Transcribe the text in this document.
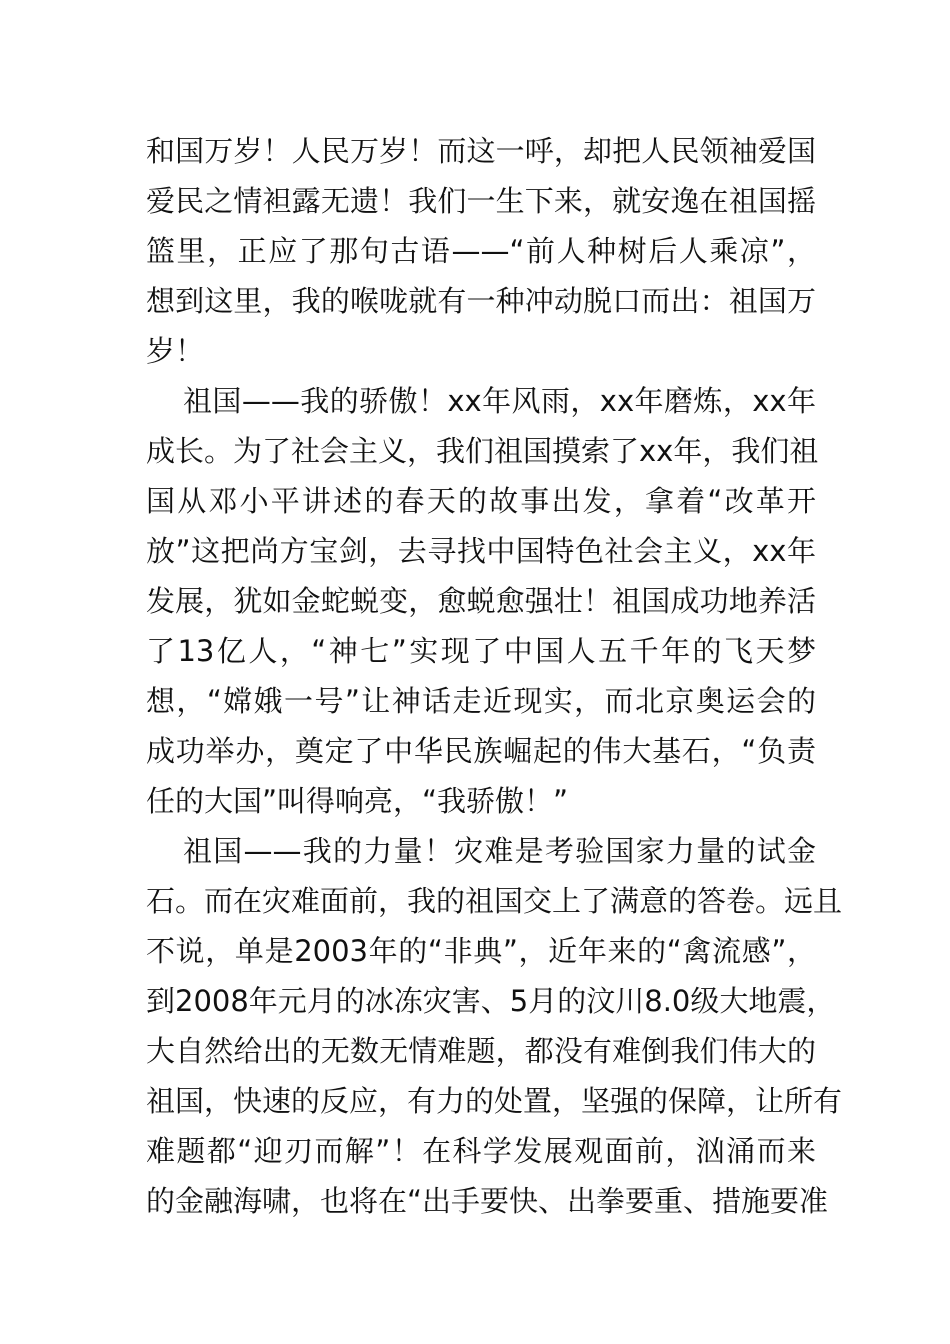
和国万岁！人民万岁！而这一呼，却把人民领袖爱国
爱民之情袒露无遗！我们一生下来，就安逸在祖国摇
篮里，正应了那句古语——“前人种树后人乘凉”，
想到这里，我的喉咙就有一种冲动脱口而出：祖国万
岁！
祖国——我的骄傲！xx年风雨，xx年磨炼，xx年
成长。为了社会主义，我们祖国摸索了xx年，我们祖
国从邓小平讲述的春天的故事出发，拿着“改革开
放”这把尚方宝剑，去寻找中国特色社会主义，xx年
发展，犹如金蛇蜕变，愈蜕愈强壮！祖国成功地养活
了13亿人，“神七”实现了中国人五千年的飞天梦
想，“嫦娥一号”让神话走近现实，而北京奥运会的
成功举办，奠定了中华民族崛起的伟大基石，“负责
任的大国”叫得响亮，“我骄傲！”
祖国——我的力量！灾难是考验国家力量的试金
石。而在灾难面前，我的祖国交上了满意的答卷。远且
不说，单是2003年的“非典”，近年来的“禽流感”，
到2008年元月的冰冻灾害、5月的汶川8.0级大地震，
大自然给出的无数无情难题，都没有难倒我们伟大的
祖国，快速的反应，有力的处置，坚强的保障，让所有
难题都“迎刃而解”！在科学发展观面前，汹涌而来
的金融海啸，也将在“出手要快、出拳要重、措施要准
